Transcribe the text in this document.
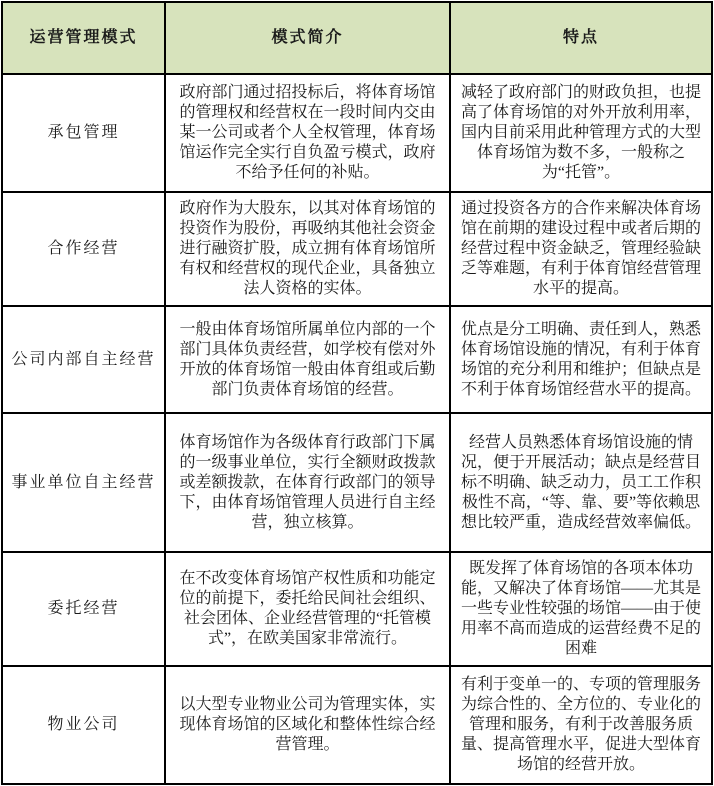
运营管理模式	模式简介	特点
承包管理	政府部门通过招投标后，将体育场馆的管理权和经营权在一段时间内交由某一公司或者个人全权管理，体育场馆运作完全实行自负盈亏模式，政府不给予任何的补贴。	减轻了政府部门的财政负担，也提高了体育场馆的对外开放利用率，国内目前采用此种管理方式的大型体育场馆为数不多，一般称之为“托管”。
合作经营	政府作为大股东，以其对体育场馆的投资作为股份，再吸纳其他社会资金进行融资扩股，成立拥有体育场馆所有权和经营权的现代企业，具备独立法人资格的实体。	通过投资各方的合作来解决体育场馆在前期的建设过程中或者后期的经营过程中资金缺乏，管理经验缺乏等难题，有利于体育馆经营管理水平的提高。
公司内部自主经营	一般由体育场馆所属单位内部的一个部门具体负责经营，如学校有偿对外开放的体育场馆一般由体育组或后勤部门负责体育场馆的经营。	优点是分工明确、责任到人，熟悉体育场馆设施的情况，有利于体育场馆的充分利用和维护；但缺点是不利于体育场馆经营水平的提高。
事业单位自主经营	体育场馆作为各级体育行政部门下属的一级事业单位，实行全额财政拨款或差额拨款，在体育行政部门的领导下，由体育场馆管理人员进行自主经营，独立核算。	经营人员熟悉体育场馆设施的情况，便于开展活动；缺点是经营目标不明确、缺乏动力，员工工作积极性不高，“等、靠、要”等依赖思想比较严重，造成经营效率偏低。
委托经营	在不改变体育场馆产权性质和功能定位的前提下，委托给民间社会组织、社会团体、企业经营管理的“托管模式”，在欧美国家非常流行。	既发挥了体育场馆的各项本体功能，又解决了体育场馆——尤其是一些专业性较强的场馆——由于使用率不高而造成的运营经费不足的困难
物业公司	以大型专业物业公司为管理实体，实现体育场馆的区域化和整体性综合经营管理。	有利于变单一的、专项的管理服务为综合性的、全方位的、专业化的管理和服务，有利于改善服务质量、提高管理水平，促进大型体育场馆的经营开放。
